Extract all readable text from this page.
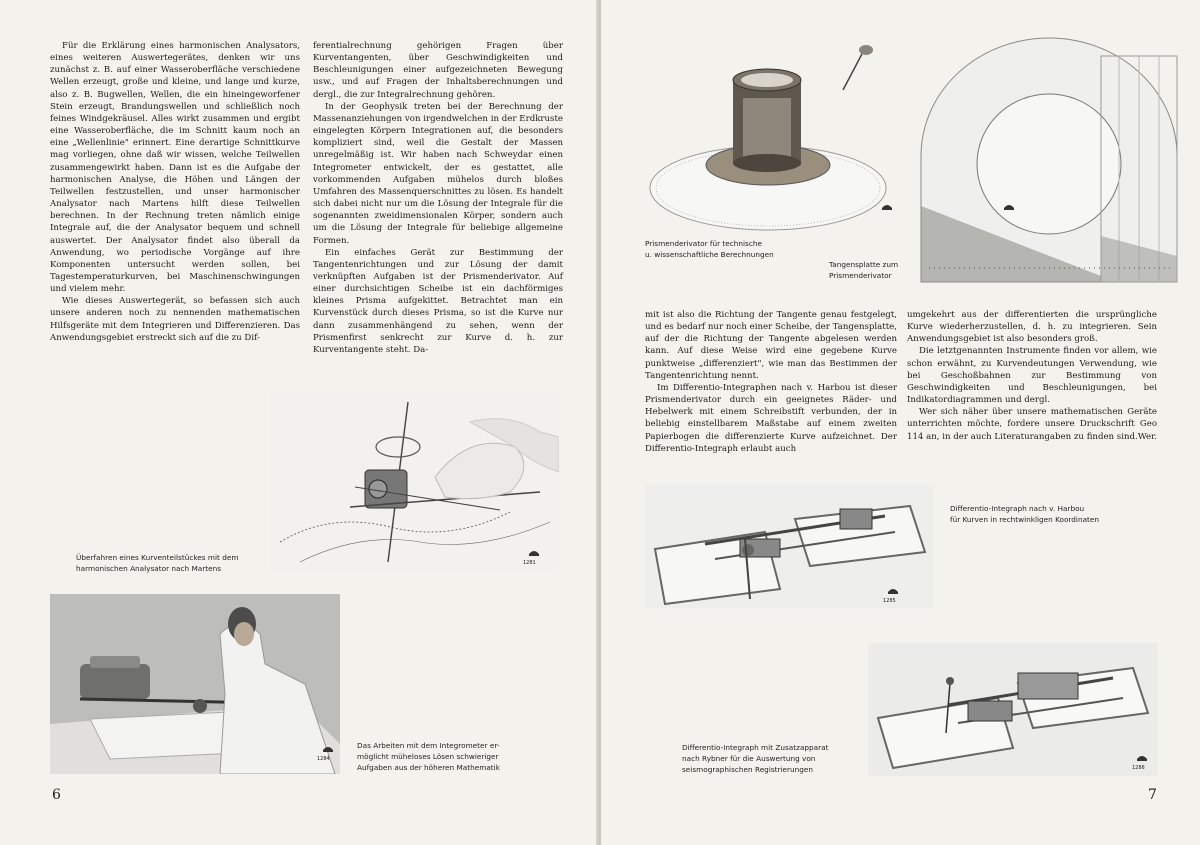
Für die Erklärung eines harmonischen Analysators, eines weiteren Auswertegerätes, denken wir uns zunächst z. B. auf einer Wasseroberfläche verschiedene Wellen erzeugt, große und kleine, und lange und kurze, also z. B. Bugwellen, Wellen, die ein hineingeworfener Stein erzeugt, Brandungswellen und schließlich noch feines Windgekräusel. Alles wirkt zusammen und ergibt eine Wasseroberfläche, die im Schnitt kaum noch an eine „Wellenlinie" erinnert. Eine derartige Schnittkurve mag vorliegen, ohne daß wir wissen, welche Teilwellen zusammengewirkt haben. Dann ist es die Aufgabe der harmonischen Analyse, die Höhen und Längen der Teilwellen festzustellen, und unser harmonischer Analysator nach Martens hilft diese Teilwellen berechnen. In der Rechnung treten nämlich einige Integrale auf, die der Analysator bequem und schnell auswertet. Der Analysator findet also überall da Anwendung, wo periodische Vorgänge auf ihre Komponenten untersucht werden sollen, bei Tagestemperaturkurven, bei Maschinenschwingungen und vielem mehr.

Wie dieses Auswertegerät, so befassen sich auch unsere anderen noch zu nennenden mathematischen Hilfsgeräte mit dem Integrieren und Differenzieren. Das Anwendungsgebiet erstreckt sich auf die zu Dif-

ferentialrechnung gehörigen Fragen über Kurventangenten, über Geschwindigkeiten und Beschleunigungen einer aufgezeichneten Bewegung usw., und auf Fragen der Inhaltsberechnungen und dergl., die zur Integralrechnung gehören.

In der Geophysik treten bei der Berechnung der Massenanziehungen von irgendwelchen in der Erdkruste eingelegten Körpern Integrationen auf, die besonders kompliziert sind, weil die Gestalt der Massen unregelmäßig ist. Wir haben nach Schweydar einen Integrometer entwickelt, der es gestattet, alle vorkommenden Aufgaben mühelos durch bloßes Umfahren des Massenquerschnittes zu lösen. Es handelt sich dabei nicht nur um die Lösung der Integrale für die sogenannten zweidimensionalen Körper, sondern auch um die Lösung der Integrale für beliebige allgemeine Formen.

Ein einfaches Gerät zur Bestimmung der Tangentenrichtungen und zur Lösung der damit verknüpften Aufgaben ist der Prismenderivator. Auf einer durchsichtigen Scheibe ist ein dachförmiges kleines Prisma aufgekittet. Betrachtet man ein Kurvenstück durch dieses Prisma, so ist die Kurve nur dann zusammenhängend zu sehen, wenn der Prismenfirst senkrecht zur Kurve d. h. zur Kurventangente steht. Da-

1281
Überfahren eines Kurventeilstückes mit dem
harmonischen Analysator nach Martens
1284
Das Arbeiten mit dem Integrometer er-
möglicht müheloses Lösen schwieriger
Aufgaben aus der höheren Mathematik
6
Prismenderivator für technische
u. wissenschaftliche Berechnungen
Tangensplatte zum
Prismenderivator

mit ist also die Richtung der Tangente genau festgelegt, und es bedarf nur noch einer Scheibe, der Tangensplatte, auf der die Richtung der Tangente abgelesen werden kann. Auf diese Weise wird eine gegebene Kurve punktweise „differenziert", wie man das Bestimmen der Tangentenrichtung nennt.

Im Differentio-Integraphen nach v. Harbou ist dieser Prismenderivator durch ein geeignetes Räder- und Hebelwerk mit einem Schreibstift verbunden, der in beliebig einstellbarem Maßstabe auf einem zweiten Papierbogen die differenzierte Kurve aufzeichnet. Der Differentio-Integraph erlaubt auch

umgekehrt aus der differentierten die ursprüngliche Kurve wiederherzustellen, d. h. zu integrieren. Sein Anwendungsgebiet ist also besonders groß.

Die letztgenannten Instrumente finden vor allem, wie schon erwähnt, zu Kurvendeutungen Verwendung, wie bei Geschoßbahnen zur Bestimmung von Geschwindigkeiten und Beschleunigungen, bei Indikatordiagrammen und dergl.

Wer sich näher über unsere mathematischen Geräte unterrichten möchte, fordere unsere Druckschrift Geo 114 an, in der auch Literaturangaben zu finden sind. Wer.
1285
Differentio-Integraph nach v. Harbou
für Kurven in rechtwinkligen Koordinaten
1286
Differentio-Integraph mit Zusatzapparat
nach Rybner für die Auswertung von
seismographischen Registrierungen
7
